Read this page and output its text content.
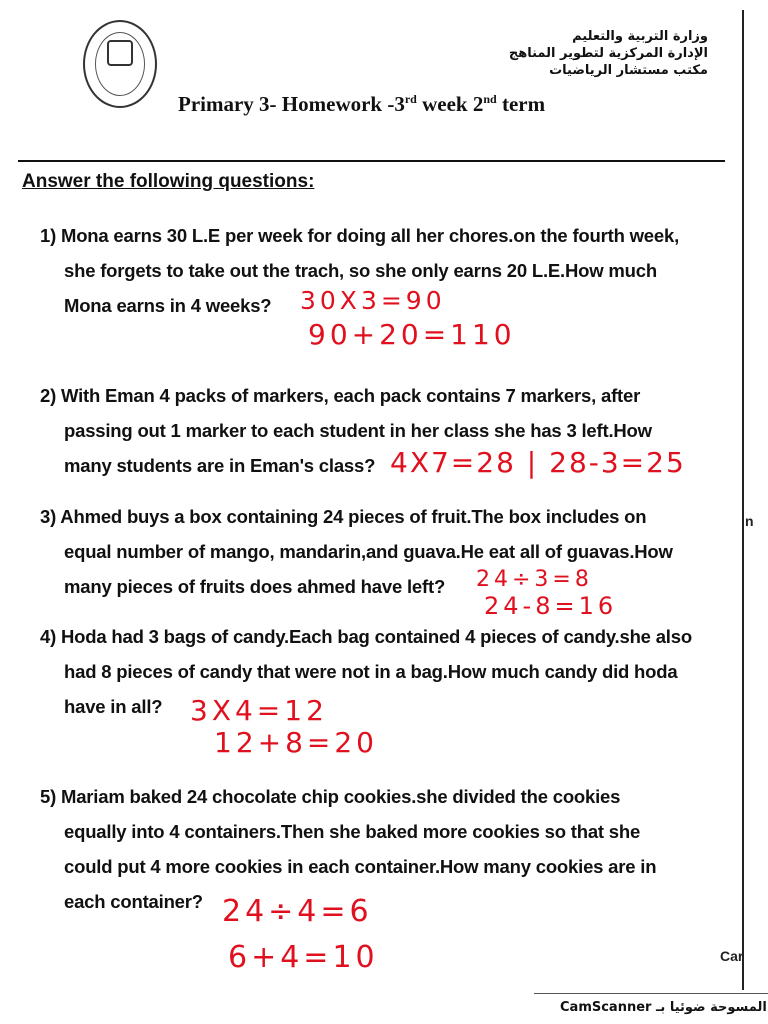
وزارة التربية والتعليم
الإدارة المركزية لتطوير المناهج
مكتب مستشار الرياضيات
Primary 3- Homework -3rd week 2nd term
Answer the following questions:
1) Mona earns 30 L.E per week for doing all her chores.on the fourth week,
she forgets to take out the trach, so she only earns 20 L.E.How much
Mona earns in 4 weeks?	30X3=90
90+20=110
2) With Eman 4 packs of markers, each pack contains 7 markers, after
passing out 1 marker to each student in her class she has 3 left.How
many students are in Eman's class? 4X7=28 | 28-3=25
3) Ahmed buys a box containing 24 pieces of fruit.The box includes on
equal number of mango, mandarin,and guava.He eat all of guavas.How
many pieces of fruits does ahmed have left?	24÷3=8
24-8=16
4) Hoda had 3 bags of candy.Each bag contained 4 pieces of candy.she also
had 8 pieces of candy that were not in a bag.How much candy did hoda
have in all? 3X4=12
12+8=20
5) Mariam baked 24 chocolate chip cookies.she divided the cookies
equally into 4 containers.Then she baked more cookies so that she
could put 4 more cookies in each container.How many cookies are in
each container? 24÷4=6
6+4=10
n
Car
CamScanner المسوحة ضوئيا بـ
